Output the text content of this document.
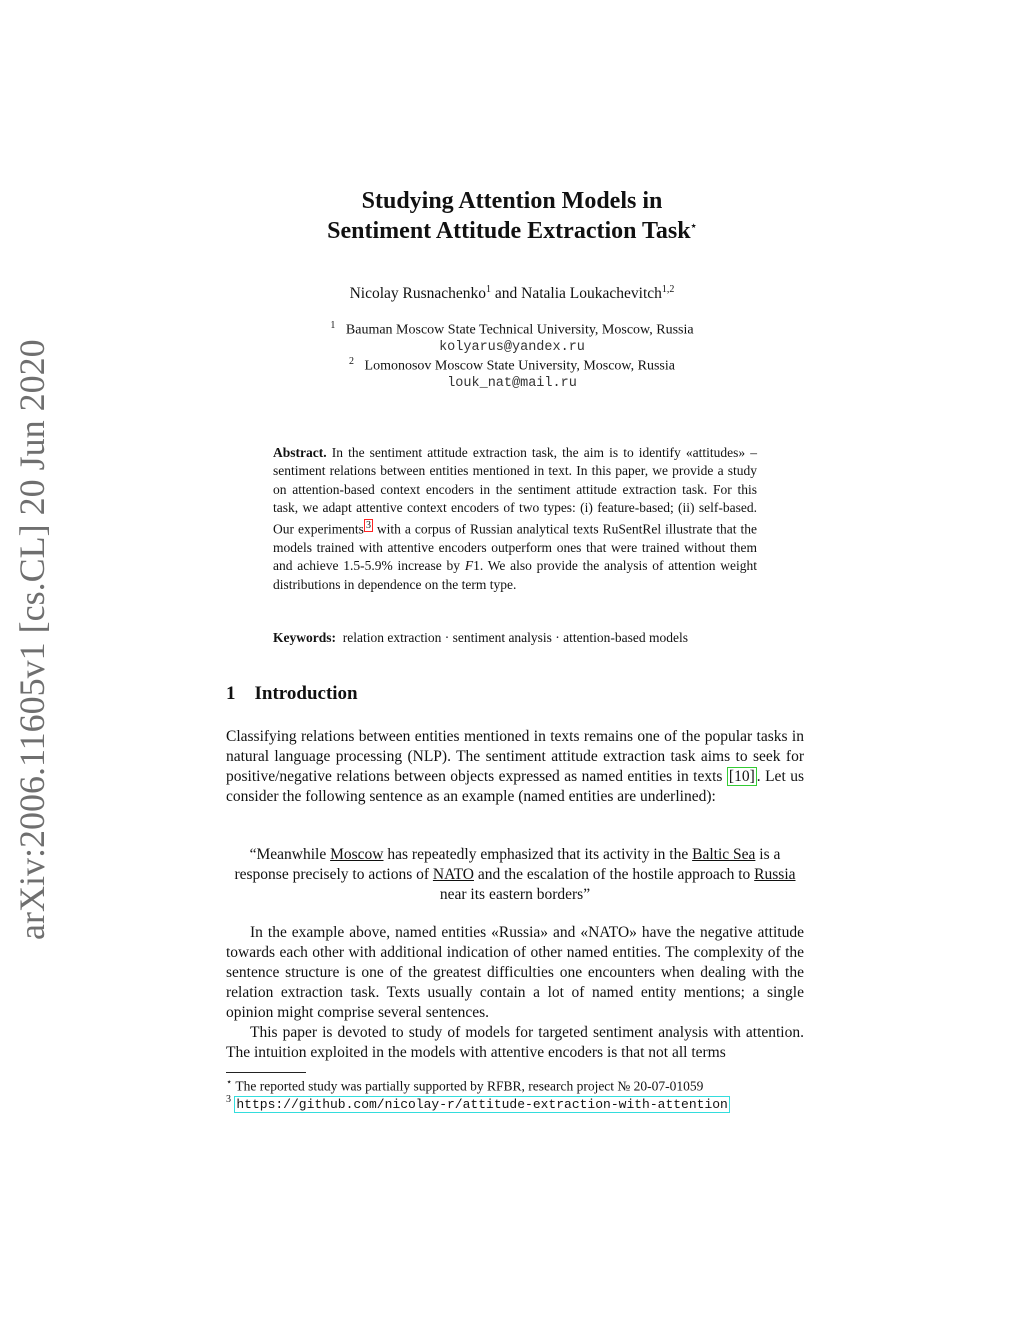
arXiv:2006.11605v1 [cs.CL] 20 Jun 2020
Studying Attention Models in
Sentiment Attitude Extraction Task⋆
Nicolay Rusnachenko$^1$ and Natalia Loukachevitch$^{1,2}$
$^1$ Bauman Moscow State Technical University, Moscow, Russia
kolyarus@yandex.ru
$^2$ Lomonosov Moscow State University, Moscow, Russia
louk_nat@mail.ru

Abstract. In the sentiment attitude extraction task, the aim is to identify «attitudes» – sentiment relations between entities mentioned in text. In this paper, we provide a study on attention-based context encoders in the sentiment attitude extraction task. For this task, we adapt attentive context encoders of two types: (i) feature-based; (ii) self-based. Our experiments $^3$ with a corpus of Russian analytical texts RuSentRel illustrate that the models trained with attentive encoders outperform ones that were trained without them and achieve 1.5-5.9% increase by F1. We also provide the analysis of attention weight distributions in dependence on the term type.

Keywords: relation extraction · sentiment analysis · attention-based models
1 Introduction

Classifying relations between entities mentioned in texts remains one of the popular tasks in natural language processing (NLP). The sentiment attitude extraction task aims to seek for positive/negative relations between objects expressed as named entities in texts [10] . Let us consider the following sentence as an example (named entities are underlined):

“Meanwhile Moscow has repeatedly emphasized that its activity in the Baltic Sea is a response precisely to actions of NATO and the escalation of the hostile approach to Russia near its eastern borders”

In the example above, named entities «Russia» and «NATO» have the negative attitude towards each other with additional indication of other named entities. The complexity of the sentence structure is one of the greatest difficulties one encounters when dealing with the relation extraction task. Texts usually contain a lot of named entity mentions; a single opinion might comprise several sentences.

This paper is devoted to study of models for targeted sentiment analysis with attention. The intuition exploited in the models with attentive encoders is that not all terms

⋆ The reported study was partially supported by RFBR, research project № 20-07-01059
$^3$ https://github.com/nicolay-r/attitude-extraction-with-attention
